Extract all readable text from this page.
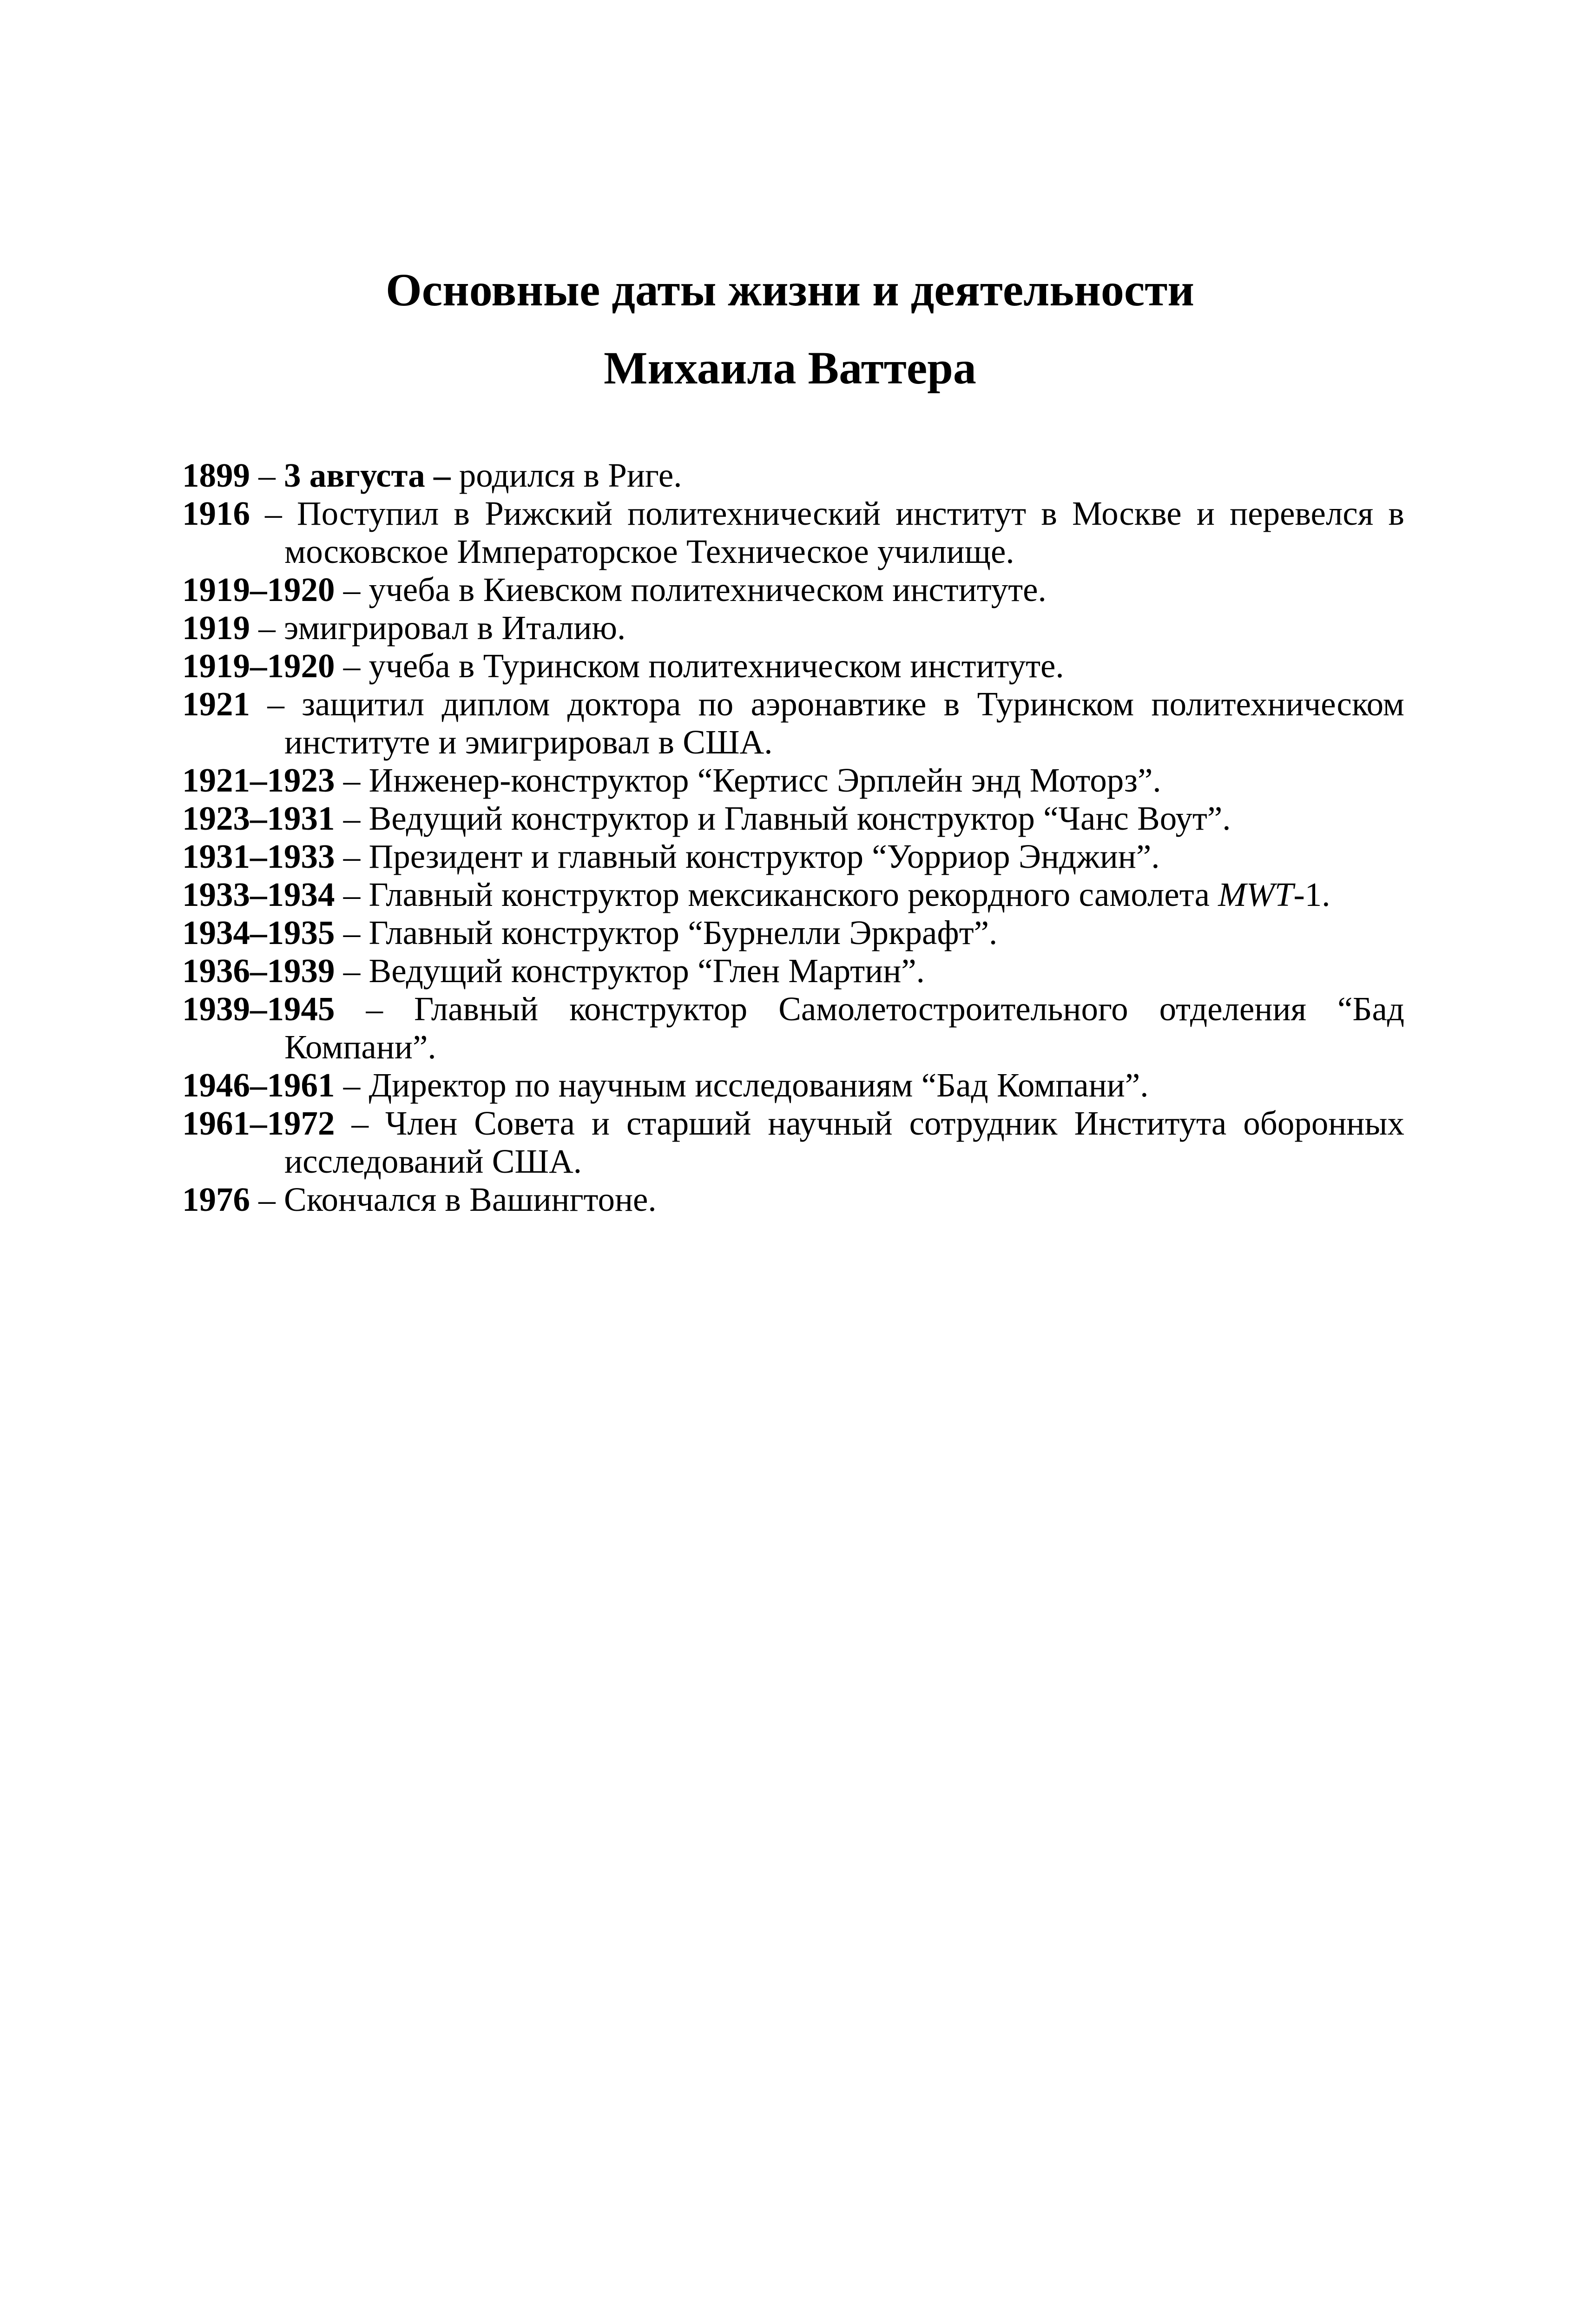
Основные даты жизни и деятельности
Михаила Ваттера

1899 – 3 августа – родился в Риге.

1916 – Поступил в Рижский политехнический институт в Москве и перевелся в московское Императорское Техническое училище.

1919–1920 – учеба в Киевском политехническом институте.

1919 – эмигрировал в Италию.

1919–1920 – учеба в Туринском политехническом институте.

1921 – защитил диплом доктора по аэронавтике в Туринском политехническом институте и эмигрировал в США.

1921–1923 – Инженер-конструктор “Кертисс Эрплейн энд Моторз”.

1923–1931 – Ведущий конструктор и Главный конструктор “Чанс Воут”.

1931–1933 – Президент и главный конструктор “Уорриор Энджин”.

1933–1934 – Главный конструктор мексиканского рекордного самолета MWT-1.

1934–1935 – Главный конструктор “Бурнелли Эркрафт”.

1936–1939 – Ведущий конструктор “Глен Мартин”.

1939–1945 – Главный конструктор Самолетостроительного отделения “Бад Компани”.

1946–1961 – Директор по научным исследованиям “Бад Компани”.

1961–1972 – Член Совета и старший научный сотрудник Института оборонных исследований США.

1976 – Скончался в Вашингтоне.
